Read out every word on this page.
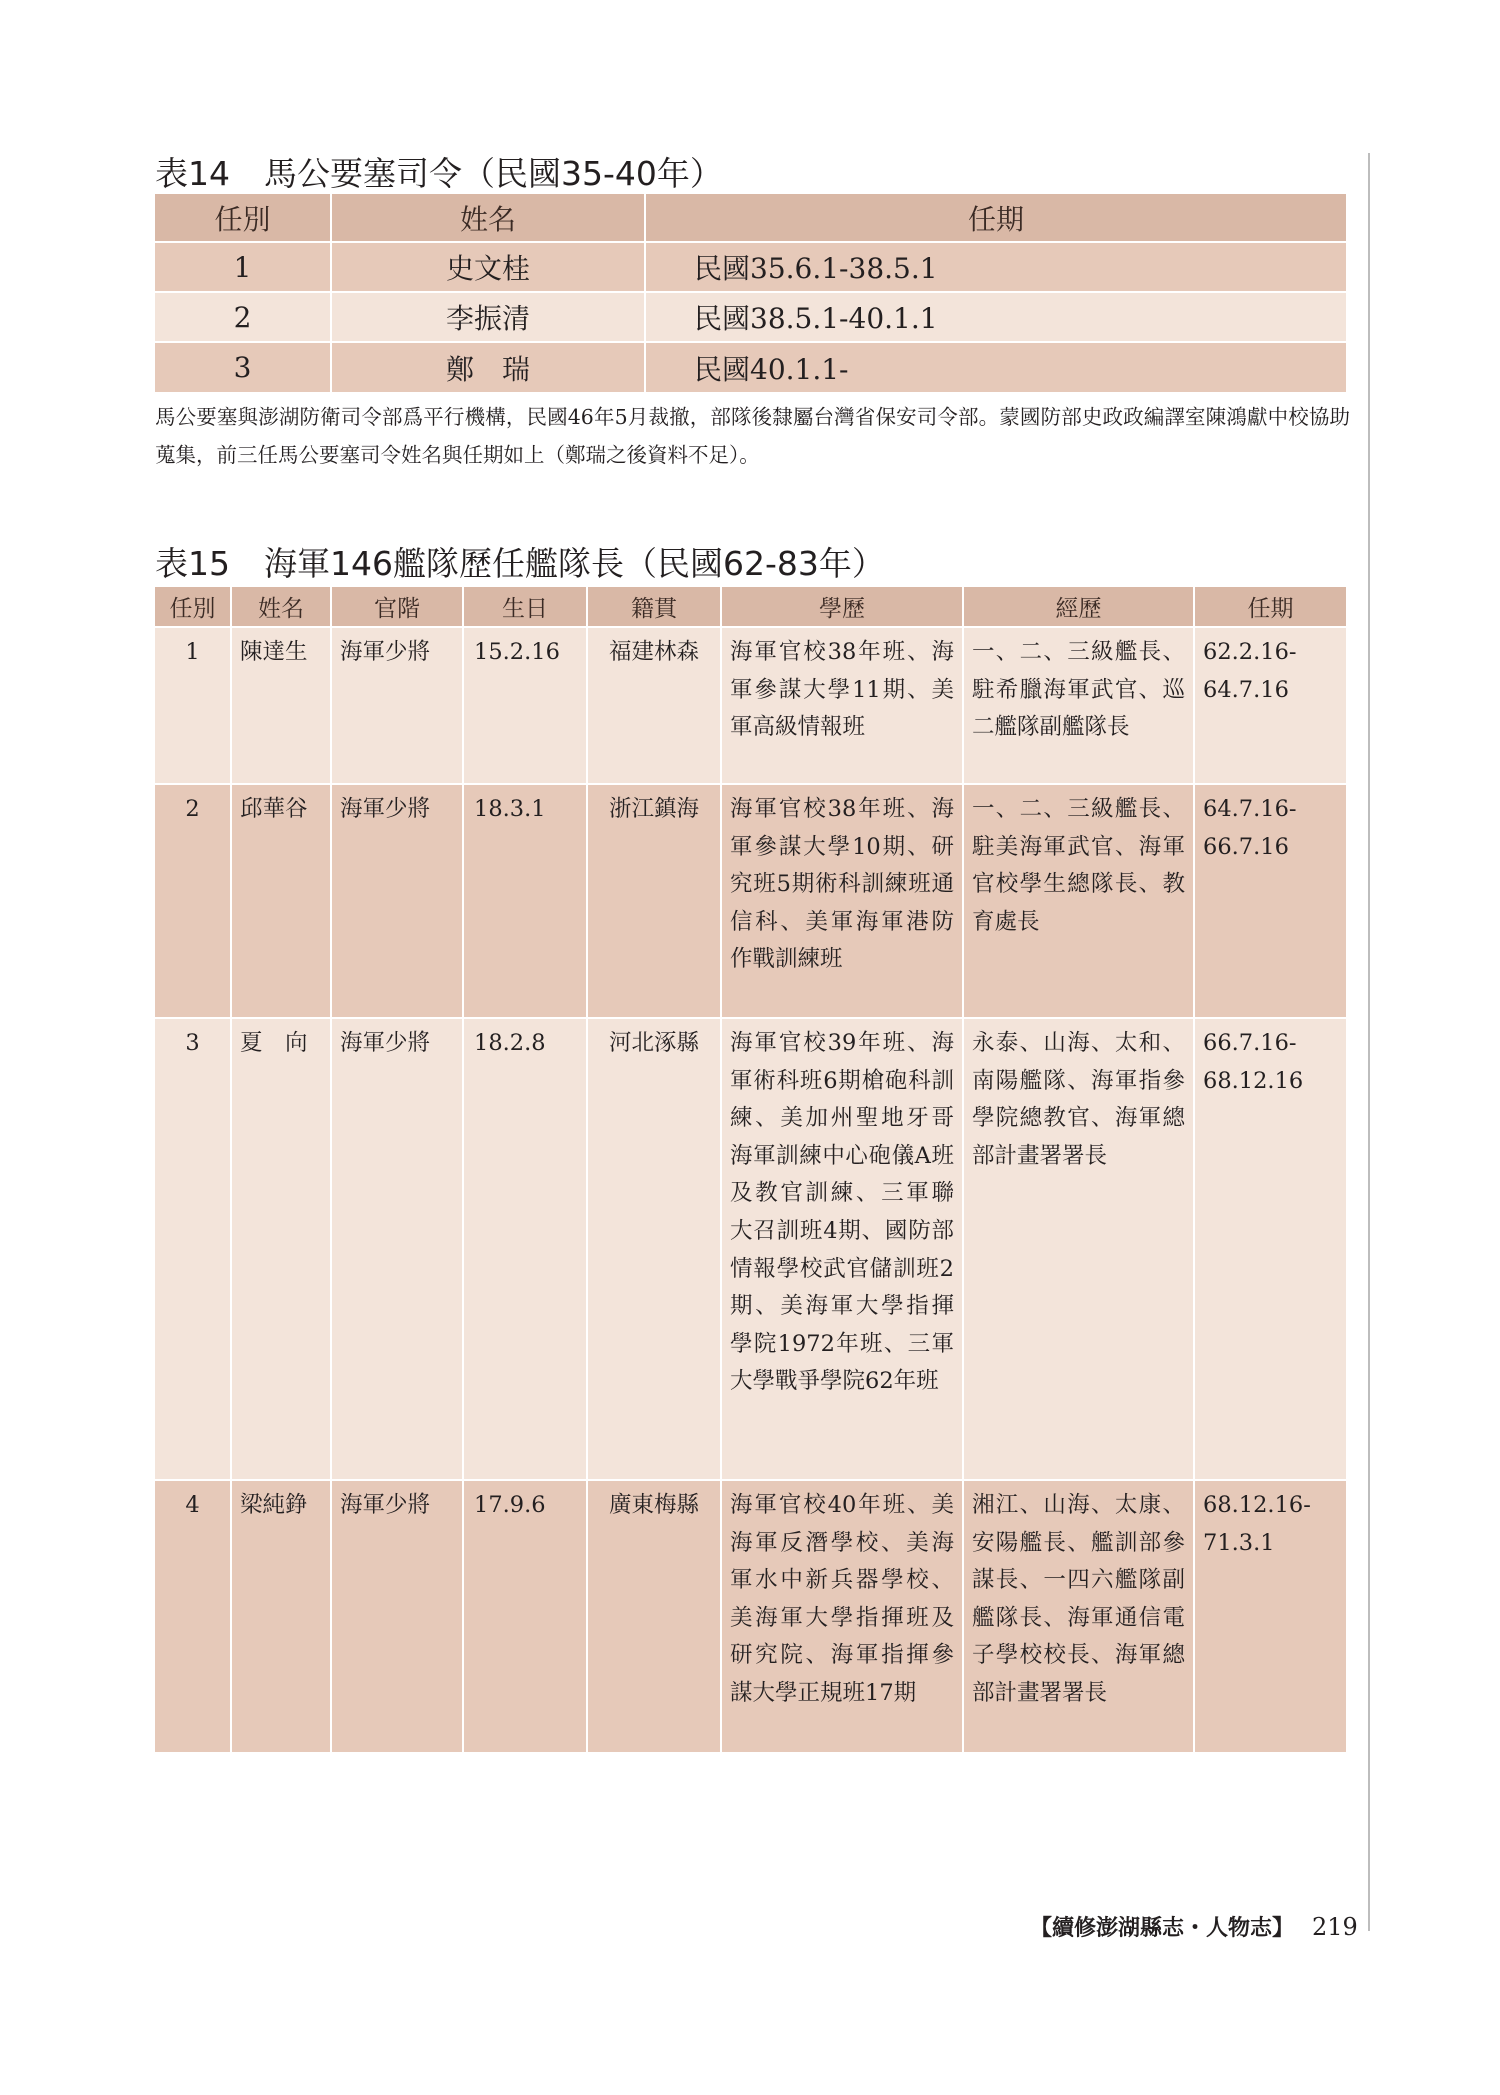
表14 馬公要塞司令（民國35-40年）
任別	姓名	任期
1	史文桂	民國35.6.1-38.5.1
2	李振清	民國38.5.1-40.1.1
3	鄭　瑞	民國40.1.1-

馬公要塞與澎湖防衛司令部爲平行機構，民國46年5月裁撤，部隊後隸屬台灣省保安司令部。蒙國防部史政政編譯室陳鴻獻中校協助蒐集，前三任馬公要塞司令姓名與任期如上（鄭瑞之後資料不足）。

表15 海軍146艦隊歷任艦隊長（民國62-83年）
任別	姓名	官階	生日	籍貫	學歷	經歷	任期
1	陳達生	海軍少將	15.2.16	福建林森	海軍官校38年班、海軍參謀大學11期、美軍高級情報班	一、二、三級艦長、駐希臘海軍武官、巡二艦隊副艦隊長	62.2.16-64.7.16
2	邱華谷	海軍少將	18.3.1	浙江鎮海	海軍官校38年班、海軍參謀大學10期、研究班5期術科訓練班通信科、美軍海軍港防作戰訓練班	一、二、三級艦長、駐美海軍武官、海軍官校學生總隊長、教育處長	64.7.16-66.7.16
3	夏　向	海軍少將	18.2.8	河北涿縣	海軍官校39年班、海軍術科班6期槍砲科訓練、美加州聖地牙哥海軍訓練中心砲儀A班及教官訓練、三軍聯大召訓班4期、國防部情報學校武官儲訓班2期、美海軍大學指揮學院1972年班、三軍大學戰爭學院62年班	永泰、山海、太和、南陽艦隊、海軍指參學院總教官、海軍總部計畫署署長	66.7.16-68.12.16
4	梁純錚	海軍少將	17.9.6	廣東梅縣	海軍官校40年班、美海軍反潛學校、美海軍水中新兵器學校、美海軍大學指揮班及研究院、海軍指揮參謀大學正規班17期	湘江、山海、太康、安陽艦長、艦訓部參謀長、一四六艦隊副艦隊長、海軍通信電子學校校長、海軍總部計畫署署長	68.12.16-71.3.1
【續修澎湖縣志・人物志】 219
